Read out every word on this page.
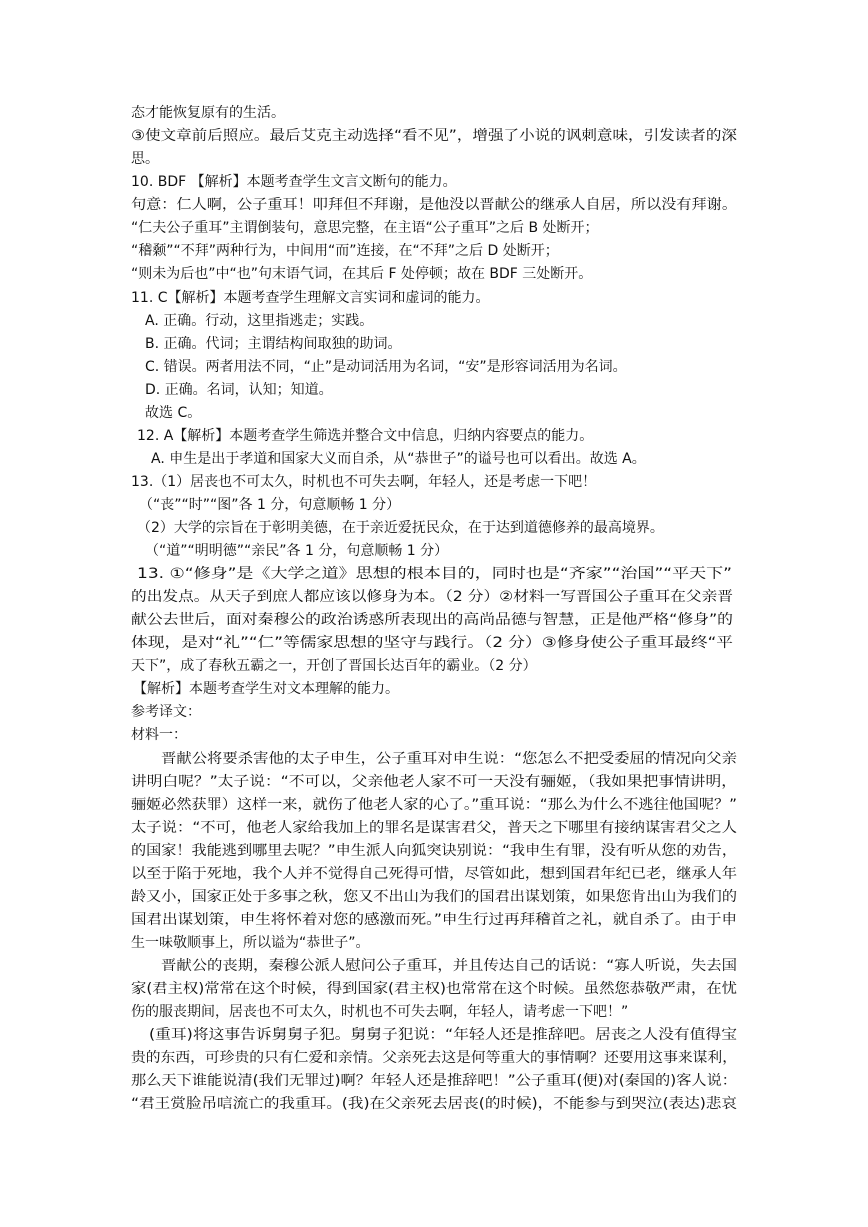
态才能恢复原有的生活。
③使文章前后照应。最后艾克主动选择“看不见”，增强了小说的讽刺意味，引发读者的深
思。
10. BDF 【解析】本题考查学生文言文断句的能力。
句意：仁人啊，公子重耳！叩拜但不拜谢，是他没以晋献公的继承人自居，所以没有拜谢。
“仁夫公子重耳”主谓倒装句，意思完整，在主语“公子重耳”之后 B 处断开；
“稽颡”“不拜”两种行为，中间用“而”连接，在“不拜”之后 D 处断开；
“则未为后也”中“也”句末语气词，在其后 F 处停顿；故在 BDF 三处断开。
11. C【解析】本题考查学生理解文言实词和虚词的能力。
A. 正确。行动，这里指逃走；实践。
B. 正确。代词；主谓结构间取独的助词。
C. 错误。两者用法不同，“止”是动词活用为名词，“安”是形容词活用为名词。
D. 正确。名词，认知；知道。
故选 C。
12. A【解析】本题考查学生筛选并整合文中信息，归纳内容要点的能力。
A. 申生是出于孝道和国家大义而自杀，从“恭世子”的谥号也可以看出。故选 A。
13.（1）居丧也不可太久，时机也不可失去啊，年轻人，还是考虑一下吧！
（“丧”“时”“图”各 1 分，句意顺畅 1 分）
（2）大学的宗旨在于彰明美德，在于亲近爱抚民众，在于达到道德修养的最高境界。
（“道”“明明德”“亲民”各 1 分，句意顺畅 1 分）
13. ①“修身”是《大学之道》思想的根本目的，同时也是“齐家”“治国”“平天下”
的出发点。从天子到庶人都应该以修身为本。（2 分）②材料一写晋国公子重耳在父亲晋
献公去世后，面对秦穆公的政治诱惑所表现出的高尚品德与智慧，正是他严格“修身”的
体现，是对“礼”“仁”等儒家思想的坚守与践行。（2 分）③修身使公子重耳最终“平
天下”，成了春秋五霸之一，开创了晋国长达百年的霸业。（2 分）
【解析】本题考查学生对文本理解的能力。
参考译文：
材料一：
晋献公将要杀害他的太子申生，公子重耳对申生说：“您怎么不把受委屈的情况向父亲
讲明白呢？”太子说：“不可以，父亲他老人家不可一天没有骊姬，（我如果把事情讲明，
骊姬必然获罪）这样一来，就伤了他老人家的心了。”重耳说：“那么为什么不逃往他国呢？”
太子说：“不可，他老人家给我加上的罪名是谋害君父，普天之下哪里有接纳谋害君父之人
的国家！我能逃到哪里去呢？”申生派人向狐突诀别说：“我申生有罪，没有听从您的劝告，
以至于陷于死地，我个人并不觉得自己死得可惜，尽管如此，想到国君年纪已老，继承人年
龄又小，国家正处于多事之秋，您又不出山为我们的国君出谋划策，如果您肯出山为我们的
国君出谋划策，申生将怀着对您的感激而死。”申生行过再拜稽首之礼，就自杀了。由于申
生一味敬顺事上，所以谥为“恭世子”。
晋献公的丧期，秦穆公派人慰问公子重耳，并且传达自己的话说：“寡人听说，失去国
家(君主权)常常在这个时候，得到国家(君主权)也常常在这个时候。虽然您恭敬严肃，在忧
伤的服丧期间，居丧也不可太久，时机也不可失去啊，年轻人，请考虑一下吧！”
(重耳)将这事告诉舅舅子犯。舅舅子犯说：“年轻人还是推辞吧。居丧之人没有值得宝
贵的东西，可珍贵的只有仁爱和亲情。父亲死去这是何等重大的事情啊？还要用这事来谋利，
那么天下谁能说清(我们无罪过)啊？年轻人还是推辞吧！”公子重耳(便)对(秦国的)客人说：
“君王赏脸吊唁流亡的我重耳。(我)在父亲死去居丧(的时候)，不能参与到哭泣(表达)悲哀
